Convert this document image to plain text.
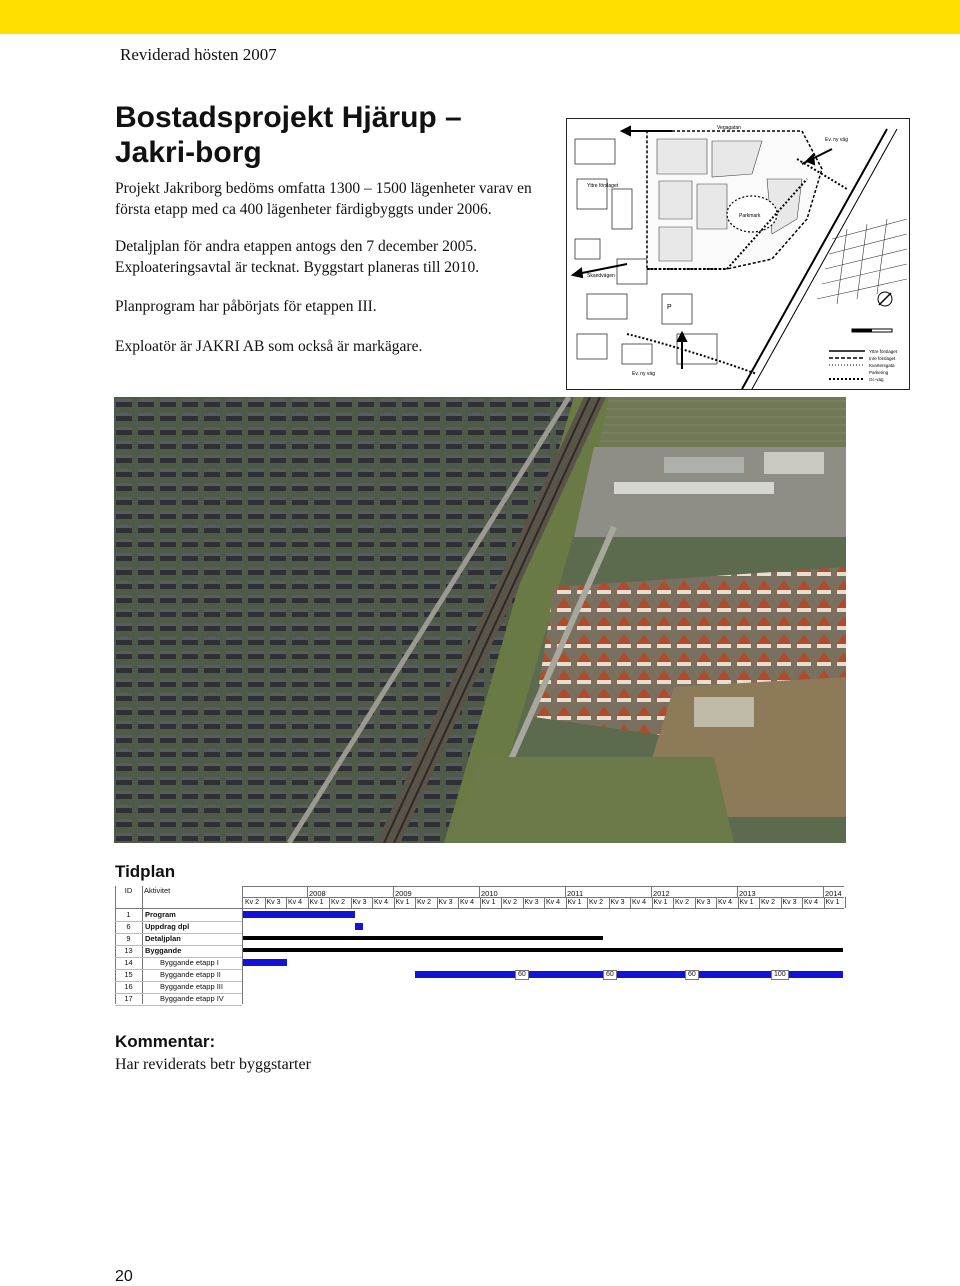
Reviderad hösten 2007
Bostadsprojekt Hjärup – Jakri-borg

Projekt Jakriborg bedöms omfatta 1300 – 1500 lägenheter varav en första etapp med ca 400 lägenheter färdigbyggts under 2006.

Detaljplan för andra etappen antogs den 7 december 2005. Exploateringsavtal är tecknat. Byggstart planeras till 2010.

Planprogram har påbörjats för etappen III.

Exploatör är JAKRI AB som också är markägare.

Parkmark
Vegagatan
Ev. ny väg
Yttre förslaget
Skandvägen
Ev. ny väg
P
Yttre förslaget
Inre förslaget
Kvartersgata
Parkering
Gc-väg
Tidplan
ID	Aktivitet
Kv 2 Kv 3 Kv 4 Kv 1 Kv 2 Kv 3 Kv 4 Kv 1 Kv 2 Kv 3 Kv 4 Kv 1 Kv 2 Kv 3 Kv 4 Kv 1 Kv 2 Kv 3 Kv 4 Kv 1 Kv 2 Kv 3 Kv 4 Kv 1 Kv 2 Kv 3 Kv 4 Kv 1
2008	2009	2010	2011	2012	2013	2014
1	Program
6	Uppdrag dpl
9	Detaljplan
13	Byggande
14	Byggande etapp I
15	Byggande etapp II
16	Byggande etapp III
17	Byggande etapp IV
60	60	60	100
Kommentar:
Har reviderats betr byggstarter
20
